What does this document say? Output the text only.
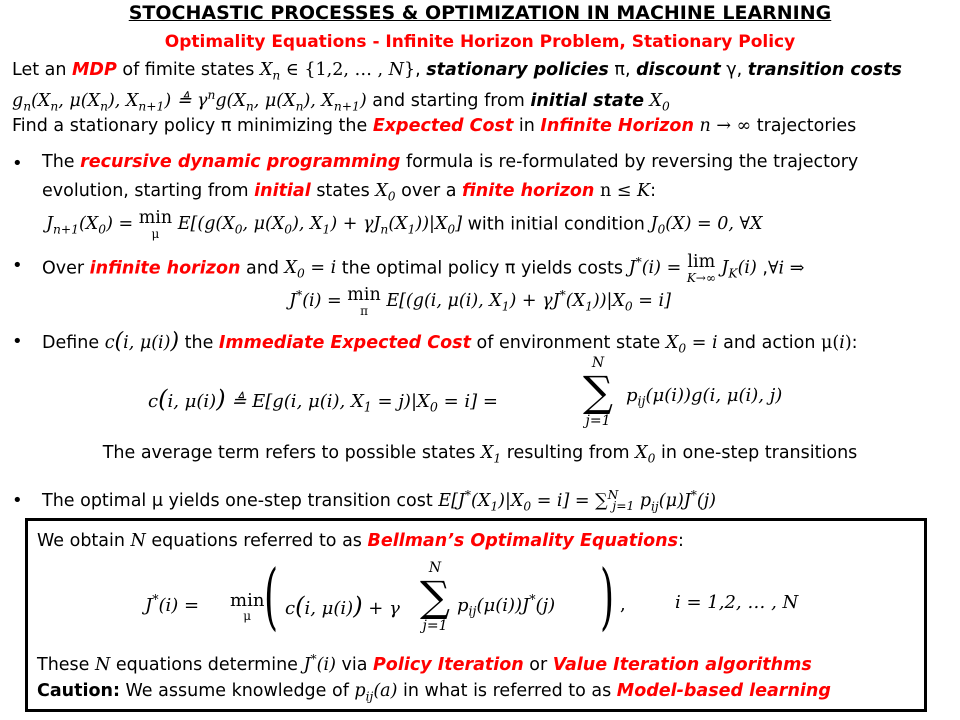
STOCHASTIC PROCESSES & OPTIMIZATION IN MACHINE LEARNING
Optimality Equations - Infinite Horizon Problem, Stationary Policy
Let an MDP of fimite states $X_n$ ∈ {1,2, … , N}, stationary policies π, discount γ, transition costs
$g_n(X_n$, $\mu(X_n)$, $X_{n+1}$) ≜ $\gamma^ng(X_n$, $\mu(X_n)$, $X_{n+1}$) and starting from initial state $X_0$
Find a stationary policy π minimizing the Expected Cost in Infinite Horizon n → ∞ trajectories
• The recursive dynamic programming formula is re-formulated by reversing the trajectory
evolution, starting from initial states $X_0$ over a finite horizon n ≤ K:
$J_{n+1}(X_0) = \min$
μ $E[(g(X_0$, $\mu(X_0)$, $X_1) + \gamma J_n(X_1))|X_0$] with initial condition $J_0(X) = 0$, ∀X
• Over infinite horizon and $X_0 = i$ the optimal policy π yields costs J*(i) = lim
K→∞ $J_K(i)$ ,∀i ⇒
J*(i) = min
π E[(g(i, μ(i), $X_1) + \gamma J^*(X_1))|X_0 = i$]
• Define c(i, μ(i)) the Immediate Expected Cost of environment state $X_0 = i$ and action μ(i):
c(i, μ(i)) ≜ E[g(i, μ(i), $X_1 = j)|X_0 = i$] =
N
∑
j=1
$p_{ij}(\mu(i))g(i$, μ(i), j)
The average term refers to possible states $X_1$ resulting from $X_0$ in one-step transitions
• The optimal μ yields one-step transition cost $E[J^*(X_1)|X_0 = i] = \sum^N_{j=1}$ $p_{ij}(\mu)J^*(j)$
We obtain N equations referred to as Bellman’s Optimality Equations:
J*(i) = min
μ ( c(i, μ(i)) + γ
N
∑
j=1
$p_{ij}(\mu(i))J^*(j)$ ) ,	i = 1,2, … , N
These N equations determine J*(i) via Policy Iteration or Value Iteration algorithms
Caution: We assume knowledge of $p_{ij}(a)$ in what is referred to as Model-based learning
